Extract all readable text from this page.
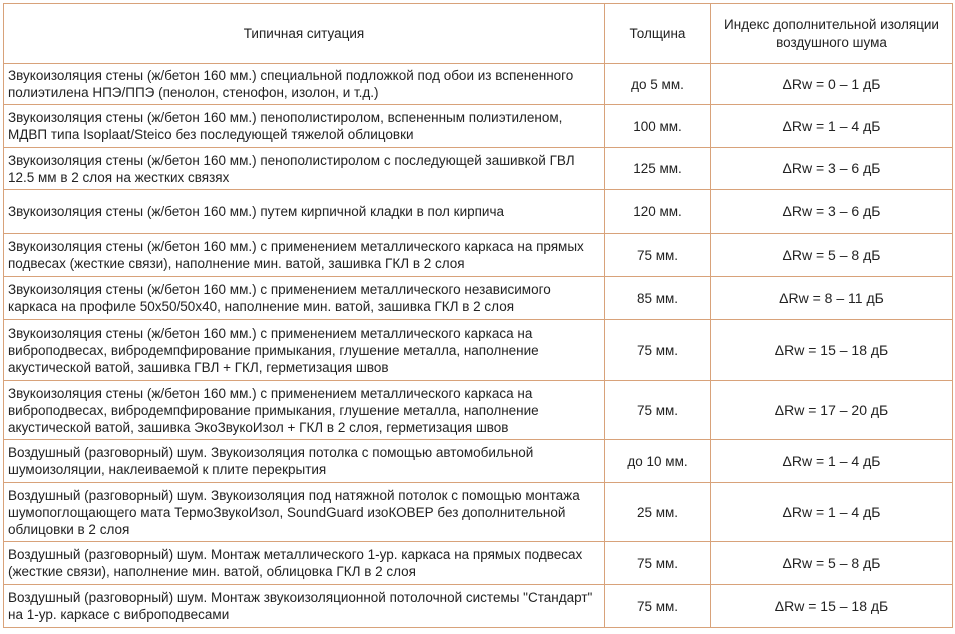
Типичная ситуация	Толщина	Индекс дополнительной изоляции воздушного шума
Звукоизоляция стены (ж/бетон 160 мм.) специальной подложкой под обои из вспененного полиэтилена НПЭ/ППЭ (пенолон, стенофон, изолон, и т.д.)	до 5 мм.	ΔRw = 0 – 1 дБ
Звукоизоляция стены (ж/бетон 160 мм.) пенополистиролом, вспененным полиэтиленом, МДВП типа Isoplaat/Steico без последующей тяжелой облицовки	100 мм.	ΔRw = 1 – 4 дБ
Звукоизоляция стены (ж/бетон 160 мм.) пенополистиролом с последующей зашивкой ГВЛ 12.5 мм в 2 слоя на жестких связях	125 мм.	ΔRw = 3 – 6 дБ
Звукоизоляция стены (ж/бетон 160 мм.) путем кирпичной кладки в пол кирпича	120 мм.	ΔRw = 3 – 6 дБ
Звукоизоляция стены (ж/бетон 160 мм.) с применением металлического каркаса на прямых подвесах (жесткие связи), наполнение мин. ватой, зашивка ГКЛ в 2 слоя	75 мм.	ΔRw = 5 – 8 дБ
Звукоизоляция стены (ж/бетон 160 мм.) с применением металлического независимого каркаса на профиле 50х50/50х40, наполнение мин. ватой, зашивка ГКЛ в 2 слоя	85 мм.	ΔRw = 8 – 11 дБ
Звукоизоляция стены (ж/бетон 160 мм.) с применением металлического каркаса на виброподвесах, вибродемпфирование примыкания, глушение металла, наполнение акустической ватой, зашивка ГВЛ + ГКЛ, герметизация швов	75 мм.	ΔRw = 15 – 18 дБ
Звукоизоляция стены (ж/бетон 160 мм.) с применением металлического каркаса на виброподвесах, вибродемпфирование примыкания, глушение металла, наполнение акустической ватой, зашивка ЭкоЗвукоИзол + ГКЛ в 2 слоя, герметизация швов	75 мм.	ΔRw = 17 – 20 дБ
Воздушный (разговорный) шум. Звукоизоляция потолка с помощью автомобильной шумоизоляции, наклеиваемой к плите перекрытия	до 10 мм.	ΔRw = 1 – 4 дБ
Воздушный (разговорный) шум. Звукоизоляция под натяжной потолок с помощью монтажа шумопоглощающего мата ТермоЗвукоИзол, SoundGuard изоКОВЕР без дополнительной облицовки в 2 слоя	25 мм.	ΔRw = 1 – 4 дБ
Воздушный (разговорный) шум. Монтаж металлического 1-ур. каркаса на прямых подвесах (жесткие связи), наполнение мин. ватой, облицовка ГКЛ в 2 слоя	75 мм.	ΔRw = 5 – 8 дБ
Воздушный (разговорный) шум. Монтаж звукоизоляционной потолочной системы "Стандарт" на 1-ур. каркасе с виброподвесами	75 мм.	ΔRw = 15 – 18 дБ
